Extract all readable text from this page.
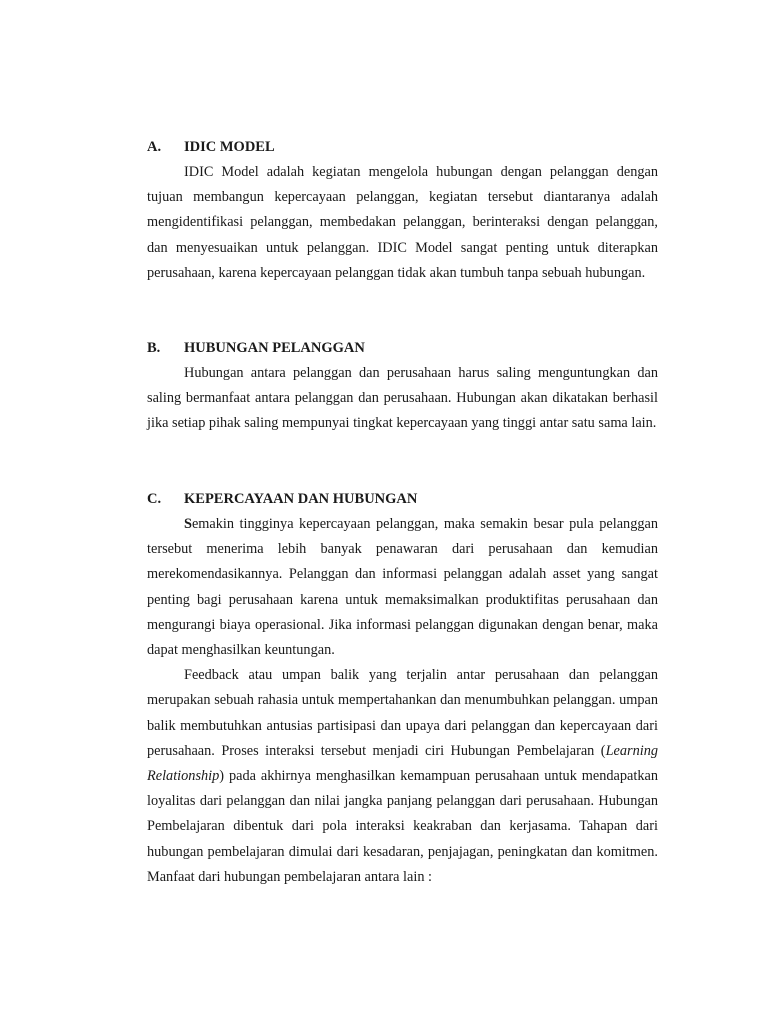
A.	IDIC MODEL

IDIC Model adalah kegiatan mengelola hubungan dengan pelanggan dengan tujuan membangun kepercayaan pelanggan, kegiatan tersebut diantaranya adalah mengidentifikasi pelanggan, membedakan pelanggan, berinteraksi dengan pelanggan, dan menyesuaikan untuk pelanggan. IDIC Model sangat penting untuk diterapkan perusahaan, karena kepercayaan pelanggan tidak akan tumbuh tanpa sebuah hubungan.

B.	HUBUNGAN PELANGGAN

Hubungan antara pelanggan dan perusahaan harus saling menguntungkan dan saling bermanfaat antara pelanggan dan perusahaan. Hubungan akan dikatakan berhasil jika setiap pihak saling mempunyai tingkat kepercayaan yang tinggi antar satu sama lain.

C.	KEPERCAYAAN DAN HUBUNGAN

Semakin tingginya kepercayaan pelanggan, maka semakin besar pula pelanggan tersebut menerima lebih banyak penawaran dari perusahaan dan kemudian merekomendasikannya. Pelanggan dan informasi pelanggan adalah asset yang sangat penting bagi perusahaan karena untuk memaksimalkan produktifitas perusahaan dan mengurangi biaya operasional. Jika informasi pelanggan digunakan dengan benar, maka dapat menghasilkan keuntungan.

Feedback atau umpan balik yang terjalin antar perusahaan dan pelanggan merupakan sebuah rahasia untuk mempertahankan dan menumbuhkan pelanggan. umpan balik membutuhkan antusias partisipasi dan upaya dari pelanggan dan kepercayaan dari perusahaan. Proses interaksi tersebut menjadi ciri Hubungan Pembelajaran (Learning Relationship) pada akhirnya menghasilkan kemampuan perusahaan untuk mendapatkan loyalitas dari pelanggan dan nilai jangka panjang pelanggan dari perusahaan. Hubungan Pembelajaran dibentuk dari pola interaksi keakraban dan kerjasama. Tahapan dari hubungan pembelajaran dimulai dari kesadaran, penjajagan, peningkatan dan komitmen. Manfaat dari hubungan pembelajaran antara lain :
